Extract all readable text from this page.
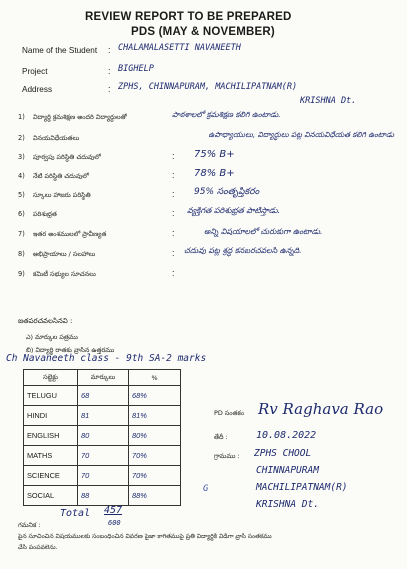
REVIEW REPORT TO BE PREPARED
PDS (MAY & NOVEMBER)
Name of the Student : CHALAMALASETTI NAVANEETH
Project	: BIGHELP
Address	: ZPHS, CHINNAPURAM, MACHILIPATNAM(R)
KRISHNA Dt.
1) విద్యార్థి క్రమశిక్షణ అందరి విద్యార్థులతో	పాఠశాలలో క్రమశిక్షణ కలిగి ఉంటాడు.
2) వినయవిధేయతలు	ఉపాధ్యాయులు, విద్యార్థులు పట్ల వినయవిధేయత కలిగి ఉంటాడు
3) పూర్వపు పరిస్థితి చదువులో	: 75% B+
4) నేటి పరిస్థితి చదువులో	: 78% B+
5) స్కూలు హాజరు పరిస్థితి	: 95% సంతృప్తికరం
6) పరిశుభ్రత	: వ్యక్తిగత పరిశుభ్రత పాటిస్తాడు.
7) ఇతర అంశములలో ప్రావీణ్యత	:	అన్ని విషయాలలో చురుకుగా ఉంటాడు.
8) అభిప్రాయాలు / సలహాలు	: చదువు పట్ల శ్రద్ధ కనబరచవలసి ఉన్నది.
9) కమిటీ సభ్యుల సూచనలు	:
జతపరచవలసినవి :
ఎ) మార్కుల పత్రము
బి) విద్యార్థి రాతకు వ్రాసిన ఉత్తరము
Ch Navaneeth class - 9th SA-2 marks
సబ్జెక్టు	మార్కులు	%
TELUGU	68	68%
HINDI	81	81%
ENGLISH	80	80%
MATHS	70	70%
SCIENCE	70	70%
SOCIAL	88	88%
Total 457
600
PD సంతకం Rv Raghava Rao
తేదీ :	10.08.2022
గ్రామము : ZPHS CHOOL
CHINNAPURAM
MACHILIPATNAM(R)
KRISHNA Dt.
G
గమనిక :
పైన సూచించిన విషయములకు సంబంధించిన వివరణ పైజా కాగితముపై ప్రతి విద్యార్థికి విడిగా వ్రాసి సంతకము
చేసి పంపవలెను.
